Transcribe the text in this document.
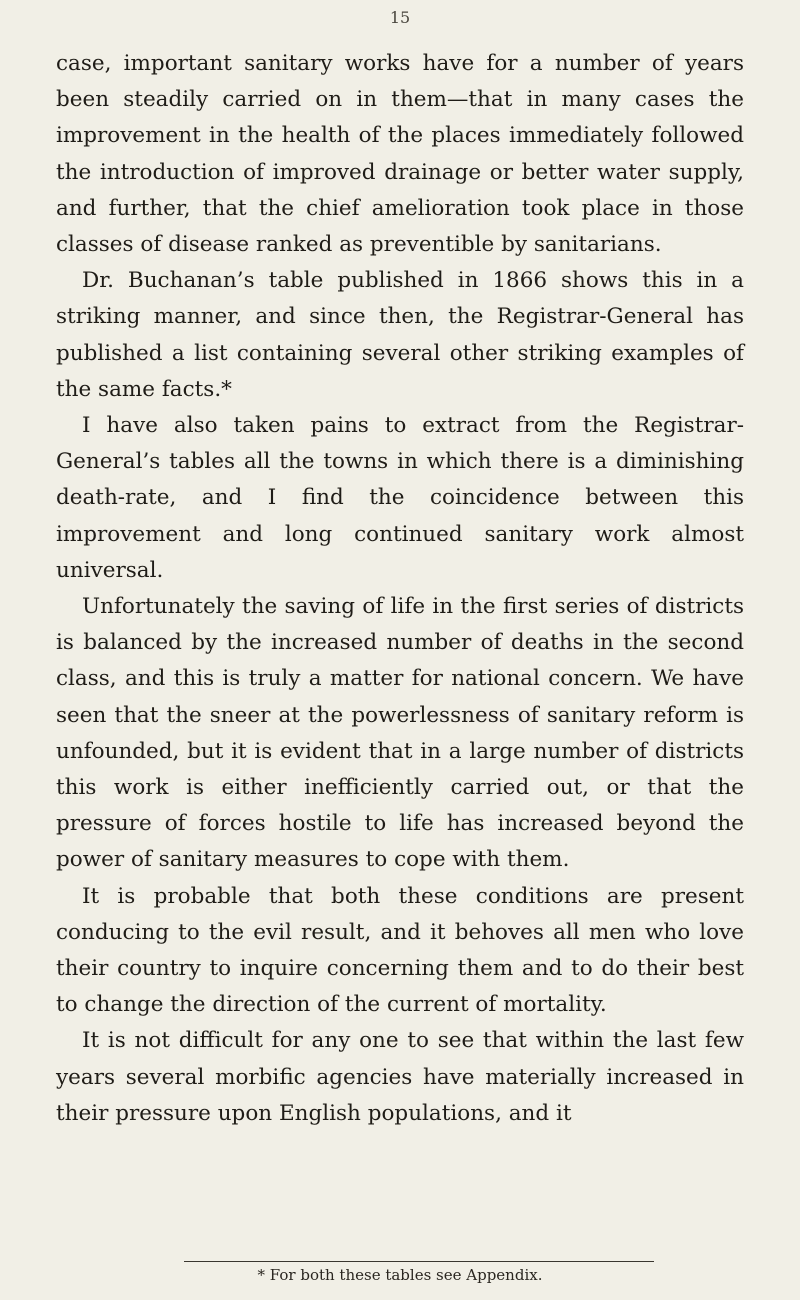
15

case, important sanitary works have for a number of years been steadily carried on in them—that in many cases the improvement in the health of the places immediately followed the introduction of improved drainage or better water supply, and further, that the chief amelioration took place in those classes of disease ranked as preventible by sanitarians.

Dr. Buchanan’s table published in 1866 shows this in a striking manner, and since then, the Registrar-General has published a list containing several other striking examples of the same facts.*

I have also taken pains to extract from the Registrar-General’s tables all the towns in which there is a diminishing death-rate, and I find the coincidence between this improvement and long continued sanitary work almost universal.

Unfortunately the saving of life in the first series of districts is balanced by the increased number of deaths in the second class, and this is truly a matter for national concern. We have seen that the sneer at the powerlessness of sanitary reform is unfounded, but it is evident that in a large number of districts this work is either inefficiently carried out, or that the pressure of forces hostile to life has increased beyond the power of sanitary measures to cope with them.

It is probable that both these conditions are present conducing to the evil result, and it behoves all men who love their country to inquire concerning them and to do their best to change the direction of the current of mortality.

It is not difficult for any one to see that within the last few years several morbific agencies have materially increased in their pressure upon English populations, and it

* For both these tables see Appendix.
